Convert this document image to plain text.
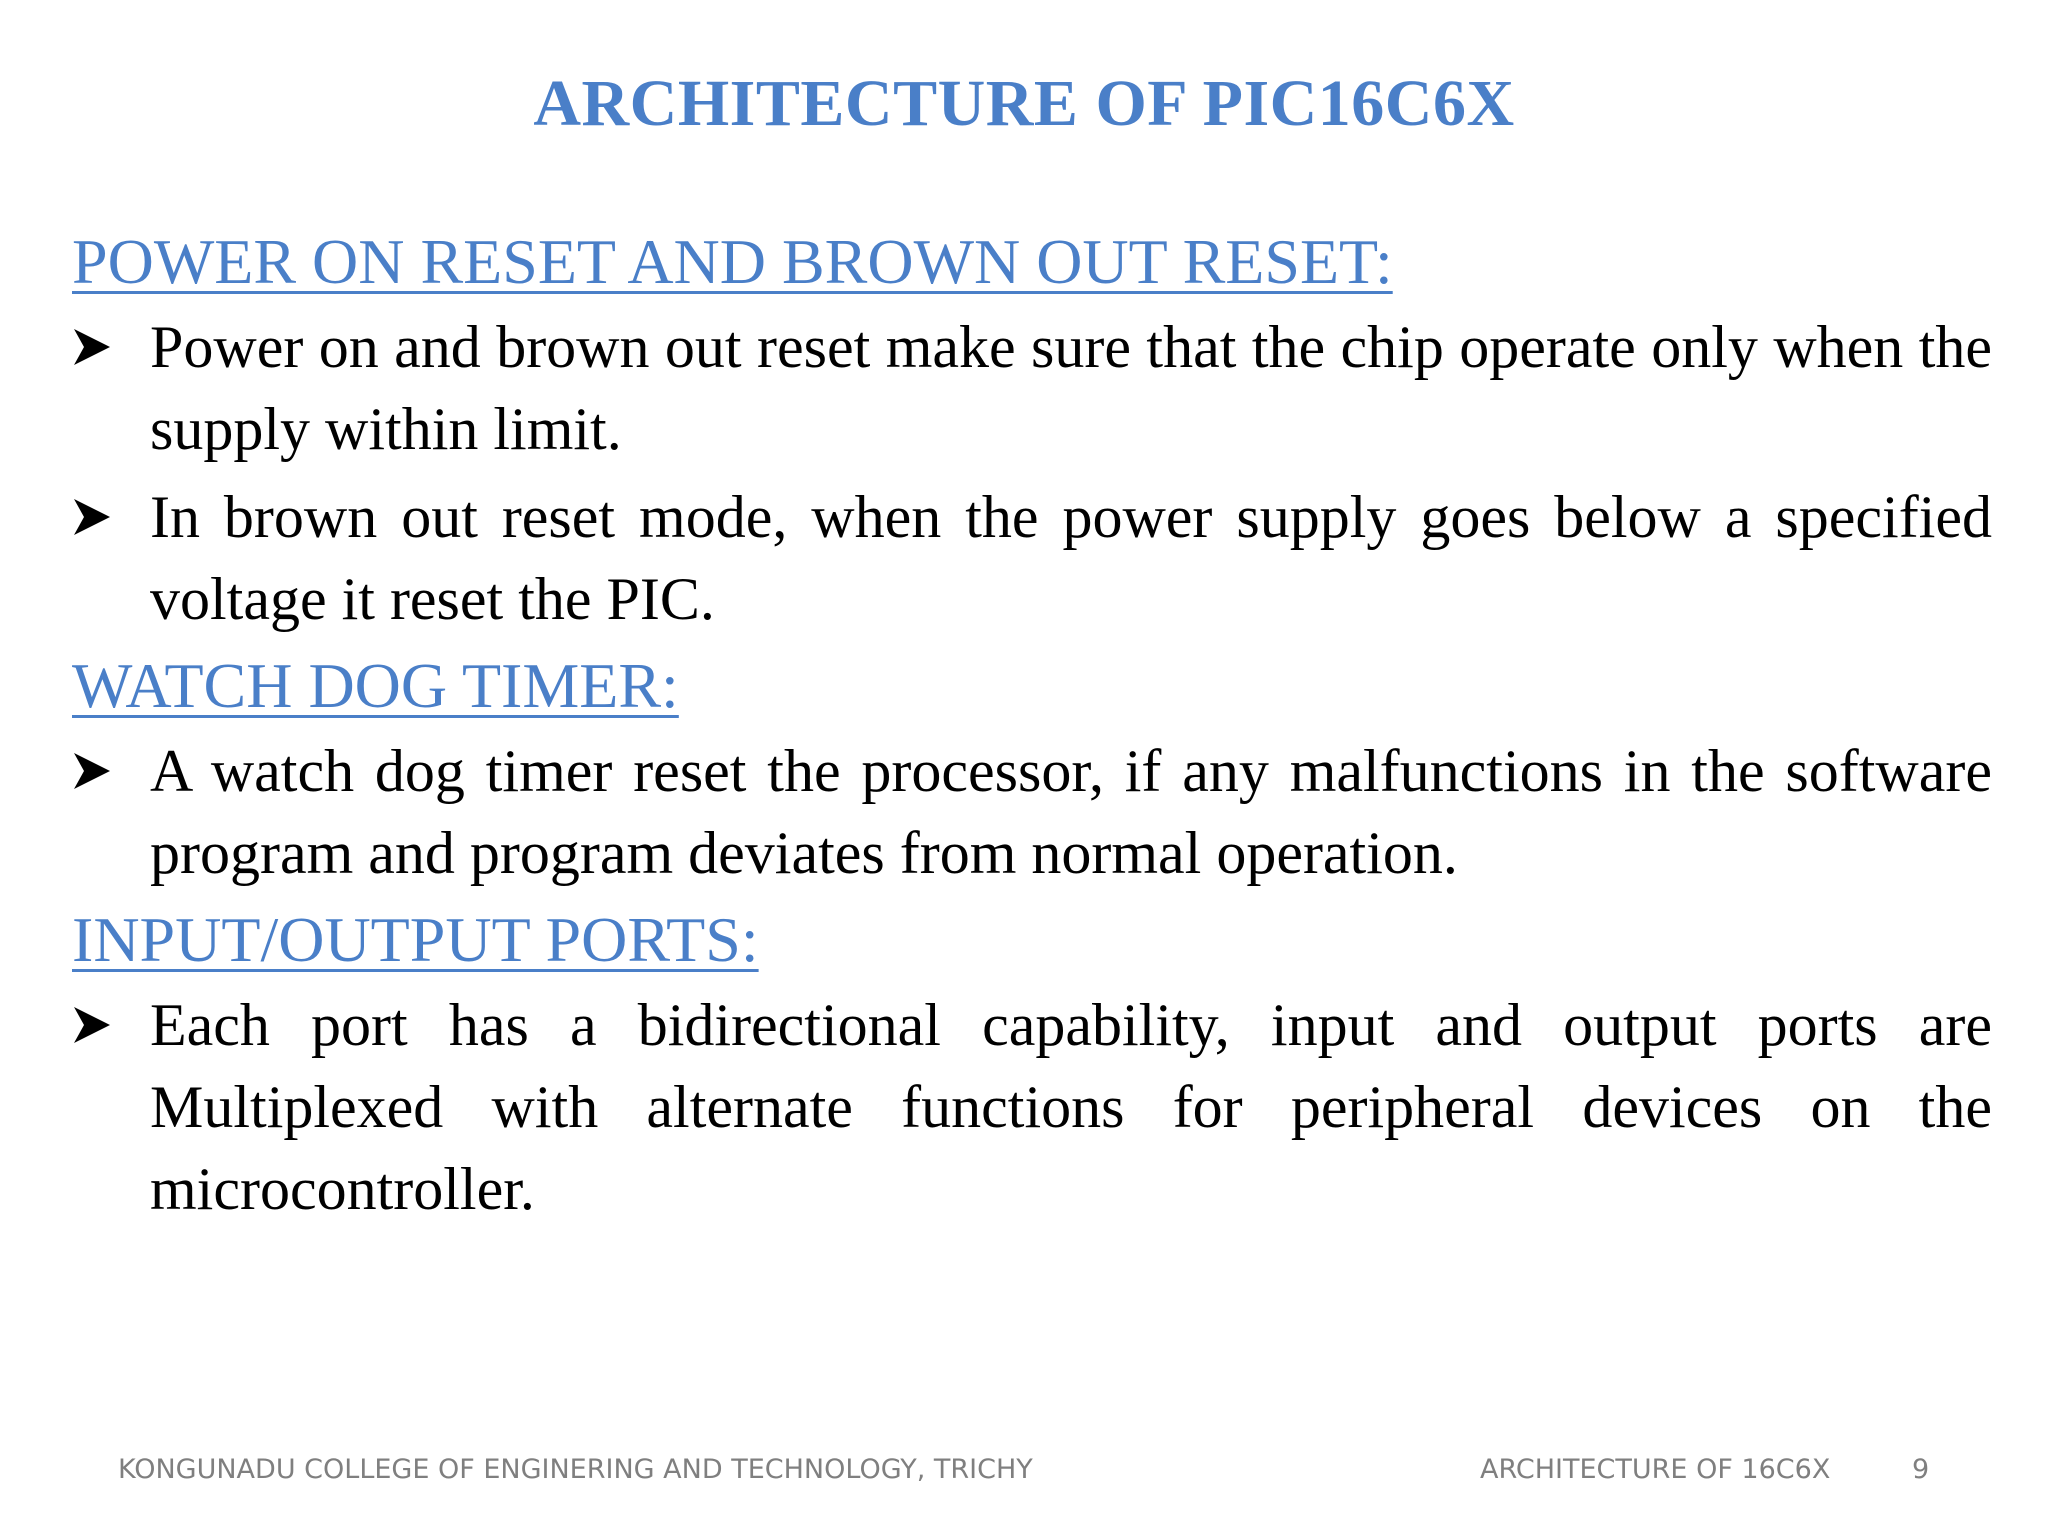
ARCHITECTURE OF PIC16C6X
POWER ON RESET AND BROWN OUT RESET:
Power on and brown out reset make sure that the chip operate only when the supply within limit.
In brown out reset mode, when the power supply goes below a specified voltage it reset the PIC.
WATCH DOG TIMER:
A watch dog timer reset the processor, if any malfunctions in the software program and program deviates from normal operation.
INPUT/OUTPUT PORTS:
Each port has a bidirectional capability, input and output ports are Multiplexed with alternate functions for peripheral devices on the microcontroller.
KONGUNADU COLLEGE OF ENGINERING AND TECHNOLOGY, TRICHY	ARCHITECTURE OF 16C6X	9
